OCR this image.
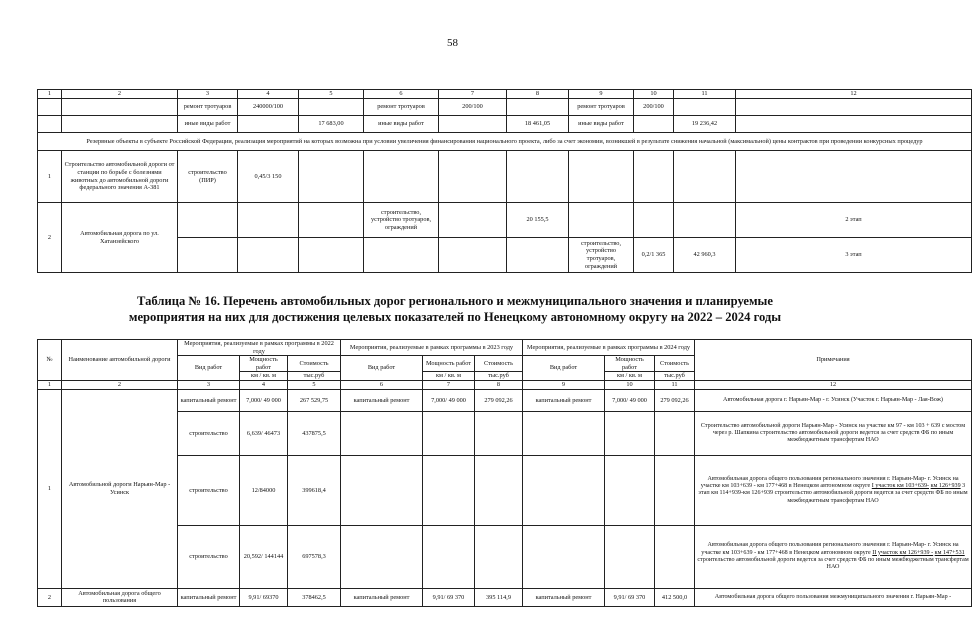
58
1	2	3	4	5	6	7	8	9	10	11	12
		ремонт тротуаров	240000/100		ремонт тротуаров	200/100		ремонт тротуаров	200/100		
		иные виды работ		17 683,00	иные виды работ		18 461,05	иные виды работ		19 236,42	
Резервные объекты в субъекте Российской Федерации, реализация мероприятий на которых возможна при условии увеличения финансирования национального проекта, либо за счет экономии, возникшей в результате снижения начальной (максимальной) цены контрактов при проведении конкурсных процедур											
1	Строительство автомобильной дороги от станции по борьбе с болезнями животных до автомобильной дороги федерального значения А-381	строительство (ПИР)	0,45/3 150								
2	Автомобильная дорога по ул. Хатанзейского				строительство, устройство тротуаров, ограждений		20 155,5				2 этап
								строительство, устройство тротуаров, ограждений	0,2/1 365	42 960,3	3 этап
Таблица № 16. Перечень автомобильных дорог регионального и межмуниципального значения и планируемые
мероприятия на них для достижения целевых показателей по Ненецкому автономному округу на 2022 – 2024 годы
№	Наименование автомобильной дороги	Мероприятия, реализуемые в рамках программы в 2022 году			Мероприятия, реализуемые в рамках программы в 2023 году			Мероприятия, реализуемые в рамках программы в 2024 году			Примечания
		Вид работ	Мощность работ	Стоимость	Вид работ	Мощность работ	Стоимость	Вид работ	Мощность работ	Стоимость	
			км / кв. м	тыс.руб		км / кв. м	тыс.руб		км / кв. м	тыс.руб	
1	2	3	4	5	6	7	8	9	10	11	12
1	Автомобильной дороги Нарьян-Мар - Усинск	капитальный ремонт	7,000/ 49 000	267 529,75	капитальный ремонт	7,000/ 49 000	279 092,26	капитальный ремонт	7,000/ 49 000	279 092,26	Автомобильная дорога г. Нарьян-Мар - г. Усинск (Участок г. Нарьян-Мар - Лая-Вож)
		строительство	6,639/ 46473	437875,5							Строительство автомобильной дороги Нарьян-Мар - Усинск на участке км 97 - км 103 + 639 с мостом через р. Шапкина строительство автомобильной дороги ведется за счет средств ФБ по иным межбюджетным трансфертам НАО
		строительство	12/84000	399618,4							Автомобильная дорога общего пользования регионального значения г. Нарьян-Мар- г. Усинск на участке км 103+639 - км 177+468 в Ненецком автономном округе I участок км 103+639- км 126+939 3 этап км 114+939-км 126+939 строительство автомобильной дороги ведется за счет средств ФБ по иным межбюджетным трансфертам НАО
		строительство	20,592/ 144144	697578,3							Автомобильная дорога общего пользования регионального значения г. Нарьян-Мар- г. Усинск на участке км 103+639 - км 177+468 в Ненецком автономном округе II участок км 126+939 - км 147+531 строительство автомобильной дороги ведется за счет средств ФБ по иным межбюджетным трансфертам НАО
2	Автомобильная дорога общего пользования	капитальный ремонт	9,91/ 69370	378462,5	капитальный ремонт	9,91/ 69 370	395 114,9	капитальный ремонт	9,91/ 69 370	412 500,0	Автомобильная дорога общего пользования межмуниципального значения г. Нарьян-Мар -
